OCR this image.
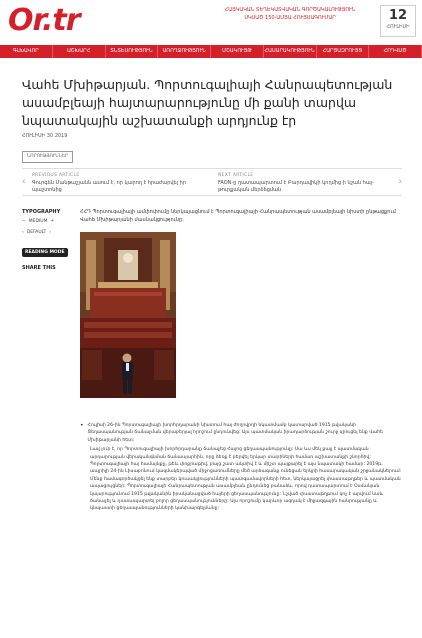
Or.tr	ՀԱՅԿԱԿԱՆ ՏԵՂԵԿԱՏՎԱԿԱՆ ԳՈՐԾԱԿԱԼՈՒԹՅՈՒՆ ՍԿՍԱԾ 150-ԱՄՅԱ ՀՈՒՅՍԱԳՈՒՄԱՐ	12
ՀՈՒԼԻՍԻ
ԳԼԽԱՎՈՐ	ԱՇԽԱՐՀ	ՏՆՏԵՍՈՒԹՅՈՒՆ	ԱՌՈՂՋՈՒԹՅՈՒՆ	ՄՇԱԿՈՒՅԹ	ՀԱՍԱՐԱԿՈՒԹՅՈՒՆ	ՀԱՐՑԱԶՐՈՒՅՑ	ՀՈԴՎԱԾ
Վահե Մխիթարյան. Պորտուգալիայի Հանրապետության ասամբլեայի հայտարարությունը մի քանի տարվա նպատակային աշխատանքի արդյունք էր
ՀՈՒԼԻՍԻ 30 2019
ՆՈՐՈՒԹՅՈՒՆՆԵՐ
‹
PREVIOUS ARTICLE
Գուրգեն Մանթաշյանն ասում է, որ կարող է հրաժարվել իր պաշտոնից
NEXT ARTICLE
FAON-ը դատապարտում է Բարդավիկի կողմից ի նշան հայ-թուրքական մերձեցման
›
TYPOGRAPHY
− MEDIUM +
‹ DEFAULT ›
READING MODE
SHARE THIS
ՀՀԴ Պորտուգալիայի ամփոփումը ներկայացնում է Պորտուգալիայի Հանրապետության ասամբլեայի նիստի ընթացքում Վահե Մխիթարյանի մասնակցությունը:
• Հուլիսի 26-ին Պորտուգալիայի խորհրդարանի նիստում հայ ժողովրդի նկատմամբ կատարված 1915 թվականի Ցեղասպանության ճանաչման վերաբերյալ որոշում ընդունվեց: Այս պատմական իրադարձության շուրջ զրուցել ենք Վահե Մխիթարյանի հետ:
Լավ լուր է, որ Պորտուգալիայի խորհրդարանը ճանաչեց Հայոց ցեղասպանությունը: Սա ևս մեկ քայլ է պատմական արդարության վերականգնման ճանապարհին, որը ձեռք է բերվել երկար տարիների համառ աշխատանքի շնորհիվ: Պորտուգալիայի հայ համայնքը, թեև փոքրաթիվ, բայց շատ ակտիվ է և միշտ պայքարել է այս նպատակի համար: 2019թ. ապրիլի 24-ին Լիսաբոնում կազմակերպված միջոցառումները մեծ արձագանք ունեցան երկրի հասարակական շրջանակներում: Մենք համագործակցել ենք տարբեր կուսակցությունների պատգամավորների հետ, ներկայացրել փաստաթղթեր և պատմական ապացույցներ: Պորտուգալիայի Հանրապետության ասամբլեան ընդունեց բանաձև, որով դատապարտում է Օսմանյան կայսրությունում 1915 թվականին իրականացված հայերի ցեղասպանությունը: Նշված փաստաթղթում կոչ է արվում նաև ճանաչել և դատապարտել բոլոր ցեղասպանությունները: Այս որոշումը կարևոր ազդակ է միջազգային հանրությանը և կնպաստի ցեղասպանությունների կանխարգելմանը:
